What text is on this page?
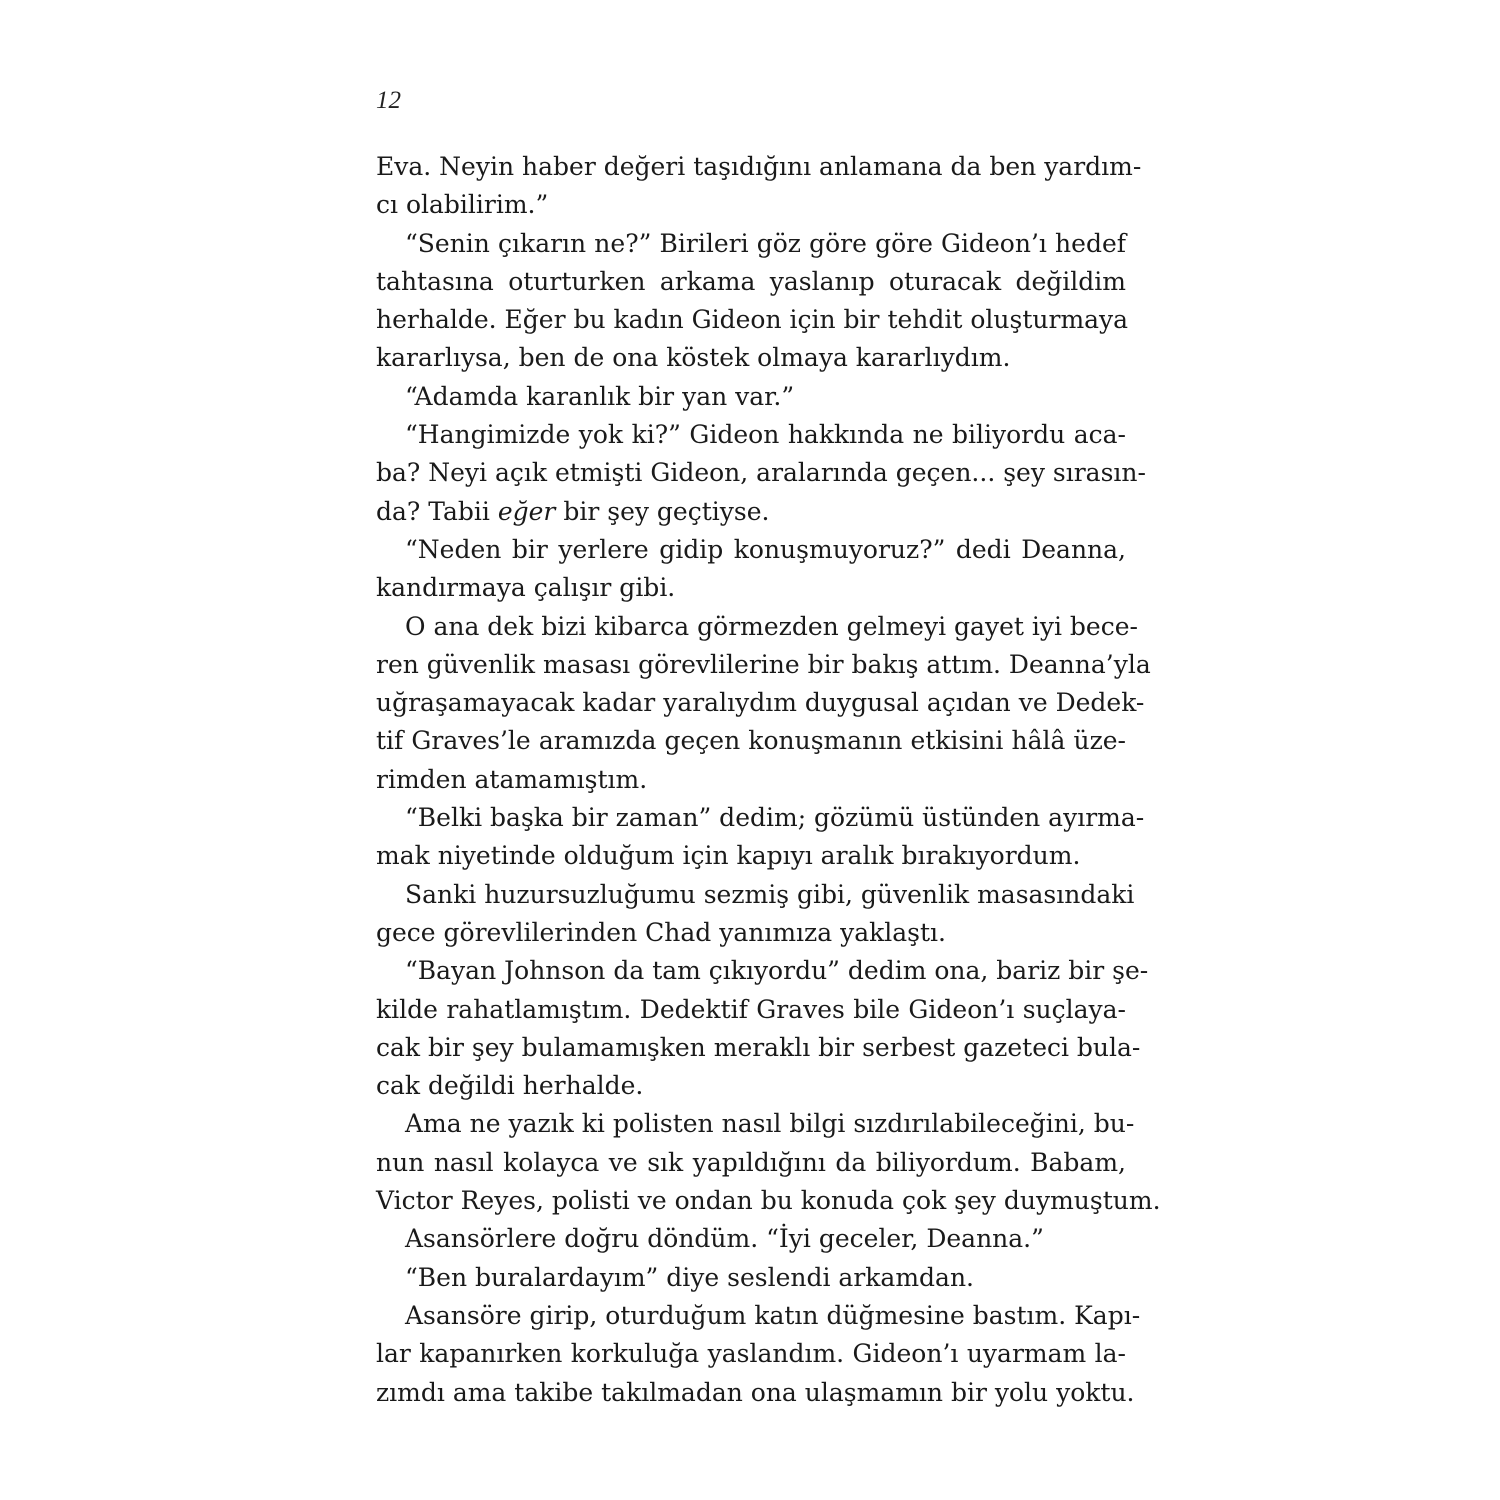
12
Eva. Neyin haber değeri taşıdığını anlamana da ben yardım-
cı olabilirim.”
“Senin çıkarın ne?” Birileri göz göre göre Gideon’ı hedef
tahtasına oturturken arkama yaslanıp oturacak değildim
herhalde. Eğer bu kadın Gideon için bir tehdit oluşturmaya
kararlıysa, ben de ona köstek olmaya kararlıydım.
“Adamda karanlık bir yan var.”
“Hangimizde yok ki?” Gideon hakkında ne biliyordu aca-
ba? Neyi açık etmişti Gideon, aralarında geçen... şey sırasın-
da? Tabii eğer bir şey geçtiyse.
“Neden bir yerlere gidip konuşmuyoruz?” dedi Deanna,
kandırmaya çalışır gibi.
O ana dek bizi kibarca görmezden gelmeyi gayet iyi bece-
ren güvenlik masası görevlilerine bir bakış attım. Deanna’yla
uğraşamayacak kadar yaralıydım duygusal açıdan ve Dedek-
tif Graves’le aramızda geçen konuşmanın etkisini hâlâ üze-
rimden atamamıştım.
“Belki başka bir zaman” dedim; gözümü üstünden ayırma-
mak niyetinde olduğum için kapıyı aralık bırakıyordum.
Sanki huzursuzluğumu sezmiş gibi, güvenlik masasındaki
gece görevlilerinden Chad yanımıza yaklaştı.
“Bayan Johnson da tam çıkıyordu” dedim ona, bariz bir şe-
kilde rahatlamıştım. Dedektif Graves bile Gideon’ı suçlaya-
cak bir şey bulamamışken meraklı bir serbest gazeteci bula-
cak değildi herhalde.
Ama ne yazık ki polisten nasıl bilgi sızdırılabileceğini, bu-
nun nasıl kolayca ve sık yapıldığını da biliyordum. Babam,
Victor Reyes, polisti ve ondan bu konuda çok şey duymuştum.
Asansörlere doğru döndüm. “İyi geceler, Deanna.”
“Ben buralardayım” diye seslendi arkamdan.
Asansöre girip, oturduğum katın düğmesine bastım. Kapı-
lar kapanırken korkuluğa yaslandım. Gideon’ı uyarmam la-
zımdı ama takibe takılmadan ona ulaşmamın bir yolu yoktu.
